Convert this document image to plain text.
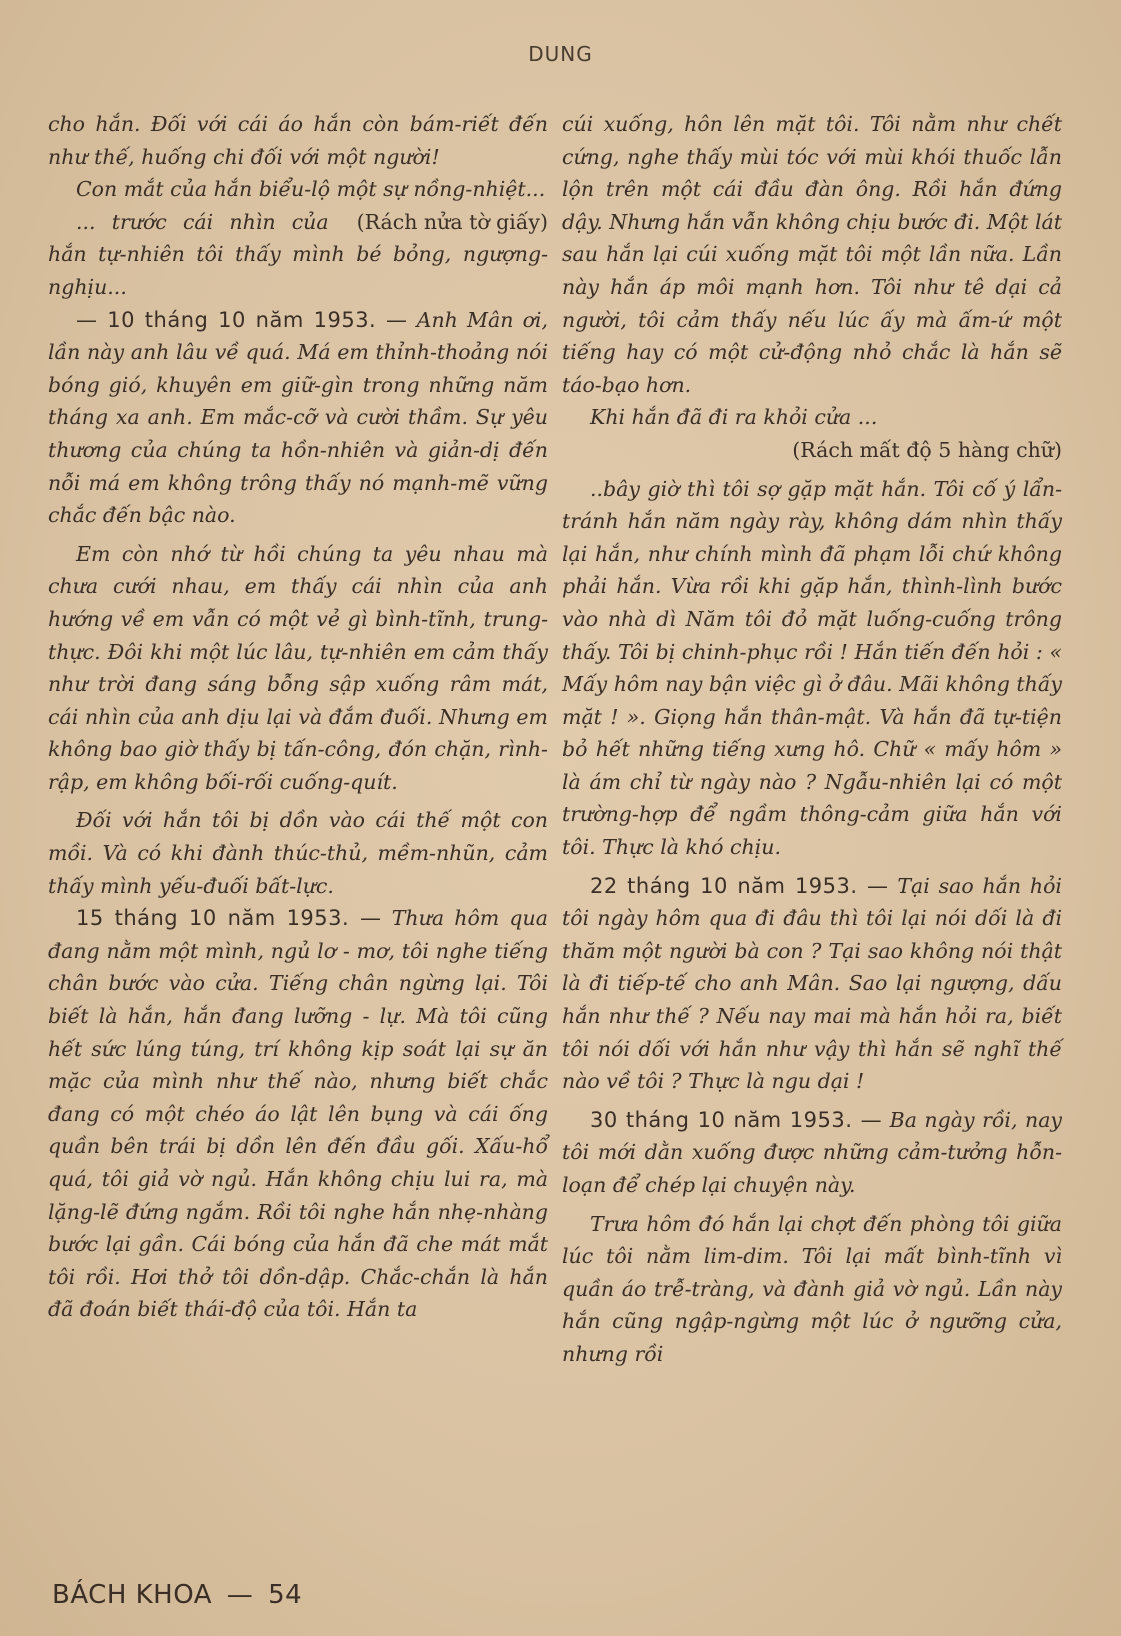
DUNG

cho hắn. Đối với cái áo hắn còn bám-riết đến như thế, huống chi đối với một người!

Con mắt của hắn biểu-lộ một sự nồng-nhiệt...
(Rách nửa tờ giấy)

... trước cái nhìn của hắn tự-nhiên tôi thấy mình bé bỏng, ngượng-nghịu...

— 10 tháng 10 năm 1953. — Anh Mân ơi, lần này anh lâu về quá. Má em thỉnh-thoảng nói bóng gió, khuyên em giữ-gìn trong những năm tháng xa anh. Em mắc-cỡ và cười thầm. Sự yêu thương của chúng ta hồn-nhiên và giản-dị đến nỗi má em không trông thấy nó mạnh-mẽ vững chắc đến bậc nào.

Em còn nhớ từ hồi chúng ta yêu nhau mà chưa cưới nhau, em thấy cái nhìn của anh hướng về em vẫn có một vẻ gì bình-tĩnh, trung-thực. Đôi khi một lúc lâu, tự-nhiên em cảm thấy như trời đang sáng bỗng sập xuống râm mát, cái nhìn của anh dịu lại và đắm đuối. Nhưng em không bao giờ thấy bị tấn-công, đón chặn, rình-rập, em không bối-rối cuống-quít.

Đối với hắn tôi bị dồn vào cái thế một con mồi. Và có khi đành thúc-thủ, mềm-nhũn, cảm thấy mình yếu-đuối bất-lực.

15 tháng 10 năm 1953. — Thưa hôm qua đang nằm một mình, ngủ lơ - mơ, tôi nghe tiếng chân bước vào cửa. Tiếng chân ngừng lại. Tôi biết là hắn, hắn đang lưỡng - lự. Mà tôi cũng hết sức lúng túng, trí không kịp soát lại sự ăn mặc của mình như thế nào, nhưng biết chắc đang có một chéo áo lật lên bụng và cái ống quần bên trái bị dồn lên đến đầu gối. Xấu-hổ quá, tôi giả vờ ngủ. Hắn không chịu lui ra, mà lặng-lẽ đứng ngắm. Rồi tôi nghe hắn nhẹ-nhàng bước lại gần. Cái bóng của hắn đã che mát mắt tôi rồi. Hơi thở tôi dồn-dập. Chắc-chắn là hắn đã đoán biết thái-độ của tôi. Hắn ta

cúi xuống, hôn lên mặt tôi. Tôi nằm như chết cứng, nghe thấy mùi tóc với mùi khói thuốc lẫn lộn trên một cái đầu đàn ông. Rồi hắn đứng dậy. Nhưng hắn vẫn không chịu bước đi. Một lát sau hắn lại cúi xuống mặt tôi một lần nữa. Lần này hắn áp môi mạnh hơn. Tôi như tê dại cả người, tôi cảm thấy nếu lúc ấy mà ấm-ứ một tiếng hay có một cử-động nhỏ chắc là hắn sẽ táo-bạo hơn.

Khi hắn đã đi ra khỏi cửa ...

(Rách mất độ 5 hàng chữ)

..bây giờ thì tôi sợ gặp mặt hắn. Tôi cố ý lẩn-tránh hắn năm ngày rày, không dám nhìn thấy lại hắn, như chính mình đã phạm lỗi chứ không phải hắn. Vừa rồi khi gặp hắn, thình-lình bước vào nhà dì Năm tôi đỏ mặt luống-cuống trông thấy. Tôi bị chinh-phục rồi ! Hắn tiến đến hỏi : « Mấy hôm nay bận việc gì ở đâu. Mãi không thấy mặt ! ». Giọng hắn thân-mật. Và hắn đã tự-tiện bỏ hết những tiếng xưng hô. Chữ « mấy hôm » là ám chỉ từ ngày nào ? Ngẫu-nhiên lại có một trường-hợp để ngầm thông-cảm giữa hắn với tôi. Thực là khó chịu.

22 tháng 10 năm 1953. — Tại sao hắn hỏi tôi ngày hôm qua đi đâu thì tôi lại nói dối là đi thăm một người bà con ? Tại sao không nói thật là đi tiếp-tế cho anh Mân. Sao lại ngượng, dấu hắn như thế ? Nếu nay mai mà hắn hỏi ra, biết tôi nói dối với hắn như vậy thì hắn sẽ nghĩ thế nào về tôi ? Thực là ngu dại !

30 tháng 10 năm 1953. — Ba ngày rồi, nay tôi mới dằn xuống được những cảm-tưởng hỗn-loạn để chép lại chuyện này.

Trưa hôm đó hắn lại chợt đến phòng tôi giữa lúc tôi nằm lim-dim. Tôi lại mất bình-tĩnh vì quần áo trễ-tràng, và đành giả vờ ngủ. Lần này hắn cũng ngập-ngừng một lúc ở ngưỡng cửa, nhưng rồi

BÁCH KHOA — 54
